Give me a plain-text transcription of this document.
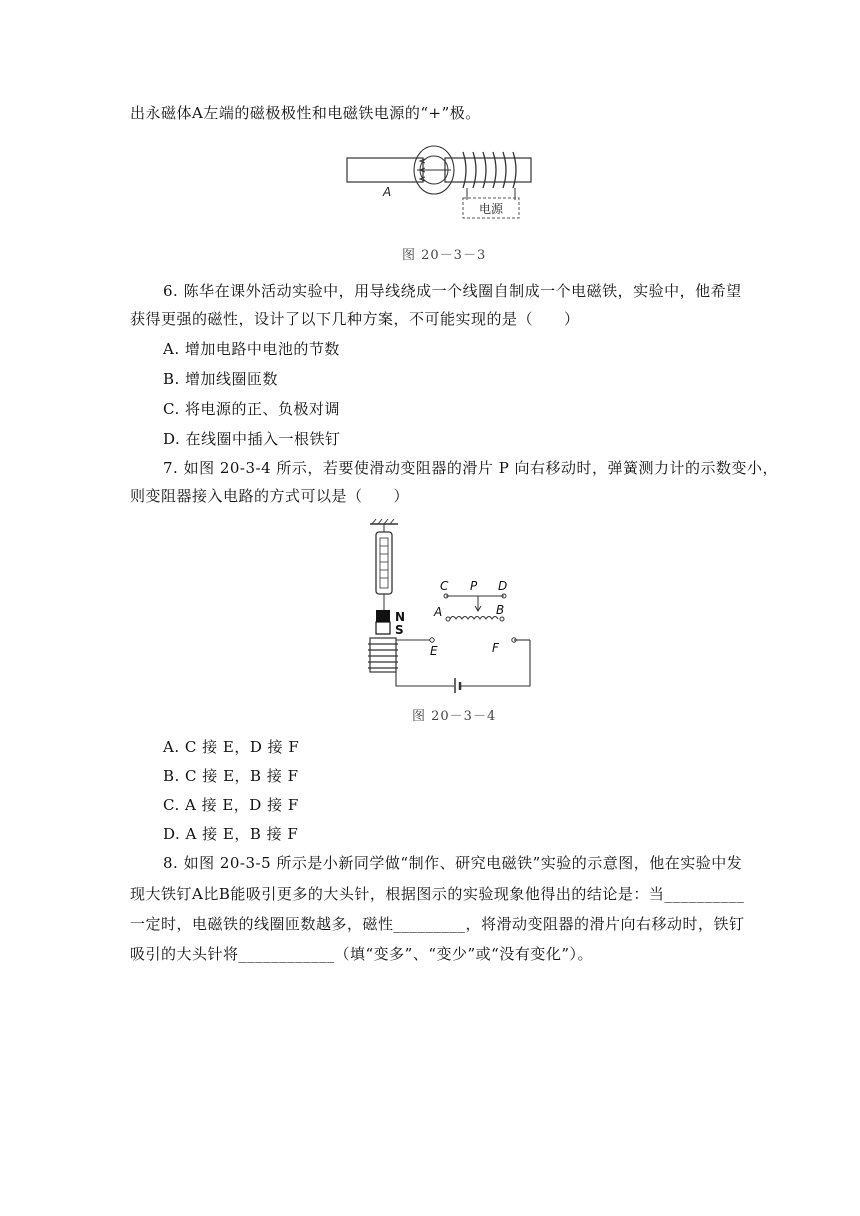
出永磁体A左端的磁极极性和电磁铁电源的“+”极。
电源
A
图 20－3－3
6. 陈华在课外活动实验中，用导线绕成一个线圈自制成一个电磁铁，实验中，他希望
获得更强的磁性，设计了以下几种方案，不可能实现的是（　　）
A. 增加电路中电池的节数
B. 增加线圈匝数
C. 将电源的正、负极对调
D. 在线圈中插入一根铁钉
7. 如图 20-3-4 所示，若要使滑动变阻器的滑片 P 向右移动时，弹簧测力计的示数变小，
则变阻器接入电路的方式可以是（　　）
N
S
E	F
C P D
A	B
图 20－3－4
A. C 接 E，D 接 F
B. C 接 E，B 接 F
C. A 接 E，D 接 F
D. A 接 E，B 接 F
8. 如图 20-3-5 所示是小新同学做“制作、研究电磁铁”实验的示意图，他在实验中发
现大铁钉A比B能吸引更多的大头针，根据图示的实验现象他得出的结论是：当__________
一定时，电磁铁的线圈匝数越多，磁性_________，将滑动变阻器的滑片向右移动时，铁钉
吸引的大头针将____________（填“变多”、“变少”或“没有变化”）。
